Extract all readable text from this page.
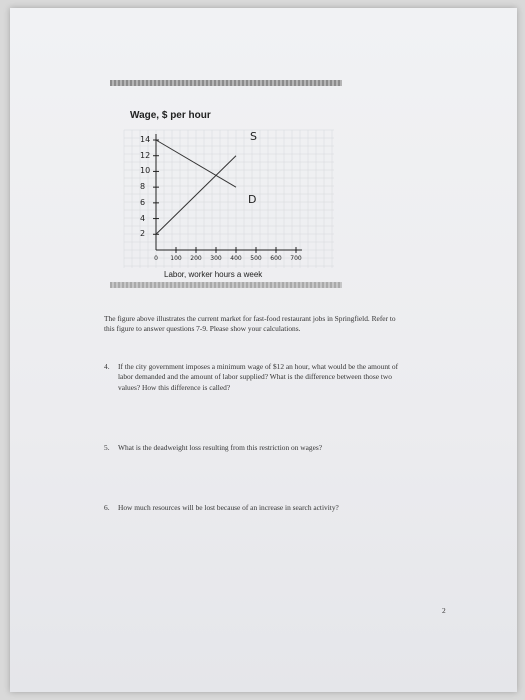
0 100 200 300 400 500 600 700
Wage, $ per hour
14
12
10
8
6
4
2
S
D
Labor, worker hours a week
The figure above illustrates the current market for fast-food restaurant jobs in Springfield. Refer to this figure to answer questions 7-9. Please show your calculations.
4. If the city government imposes a minimum wage of $12 an hour, what would be the amount of labor demanded and the amount of labor supplied? What is the difference between those two values? How this difference is called?
5. What is the deadweight loss resulting from this restriction on wages?
6. How much resources will be lost because of an increase in search activity?
2
